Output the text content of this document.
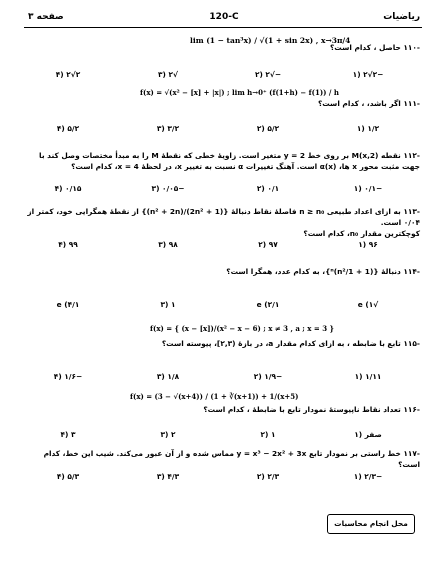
ریاضیات
120-C
صفحه ۳
-۱۱۰ حاصل ، کدام است؟
lim (1 − tan³x) / √(1 + sin 2x) , x→3π/4
−۲√۲ (۱
−√۲ (۲
√۲ (۳
۲√۲ (۴
-۱۱۱ اگر باشد، ، کدام است؟
f(x) = √(x² − [x] + |x|) ; lim h→0⁺ (f(1+h) − f(1)) / h
۱/۲ (۱
۵/۲ (۲
۳/۲ (۳
۵/۲ (۴
-۱۱۲ نقطه M(x,2) بر روی خط y = 2 متغیر است. زاویهٔ خطی که نقطهٔ M را به مبدأ مختصات وصل کند با جهت مثبت محور x ها، α(x) است. آهنگ تغییرات α نسبت به تغییر x، در لحظهٔ x = 4، کدام است؟
−۰/۱ (۱
۰/۱ (۲
−۰/۰۵ (۳
۰/۱۵ (۴
-۱۱۳ به ازای اعداد طبیعی n ≥ n₀ فاصلهٔ نقاط دنبالهٔ {(2n² + 1)/(n² + 2n)} از نقطهٔ همگرایی خود، کمتر از ۰/۰۴ است.
کوچکترین مقدار n₀، کدام است؟
۹۶ (۱
۹۷ (۲
۹۸ (۳
۹۹ (۴
-۱۱۴ دنبالهٔ {(1 + 1/n²)ⁿ}، به کدام عدد، همگرا است؟
√e (۱
۱/e (۲
۱ (۳
۱/e (۴
-۱۱۵ تابع با ضابطه ، به ازای کدام مقدار a، در بازهٔ (۲,۳]، پیوسته است؟
f(x) = { (x − [x])/(x² − x − 6) ; x ≠ 3 , a ; x = 3 }
۱/۱۱ (۱
−۱/۹ (۲
۱/۸ (۳
−۱/۶ (۴
-۱۱۶ تعداد نقاط ناپیوستهٔ نمودار تابع با ضابطهٔ ، کدام است؟
f(x) = (3 − √(x+4)) / (1 + ∛(x+1)) + 1/(x+5)
صفر (۱
۱ (۲
۲ (۳
۳ (۴
-۱۱۷ خط راستی بر نمودار تابع y = x³ − 2x² + 3x مماس شده و از آن عبور می‌کند. شیب این خط، کدام است؟
−۲/۳ (۱
۲/۳ (۲
۴/۳ (۳
۵/۳ (۴
محل انجام محاسبات
